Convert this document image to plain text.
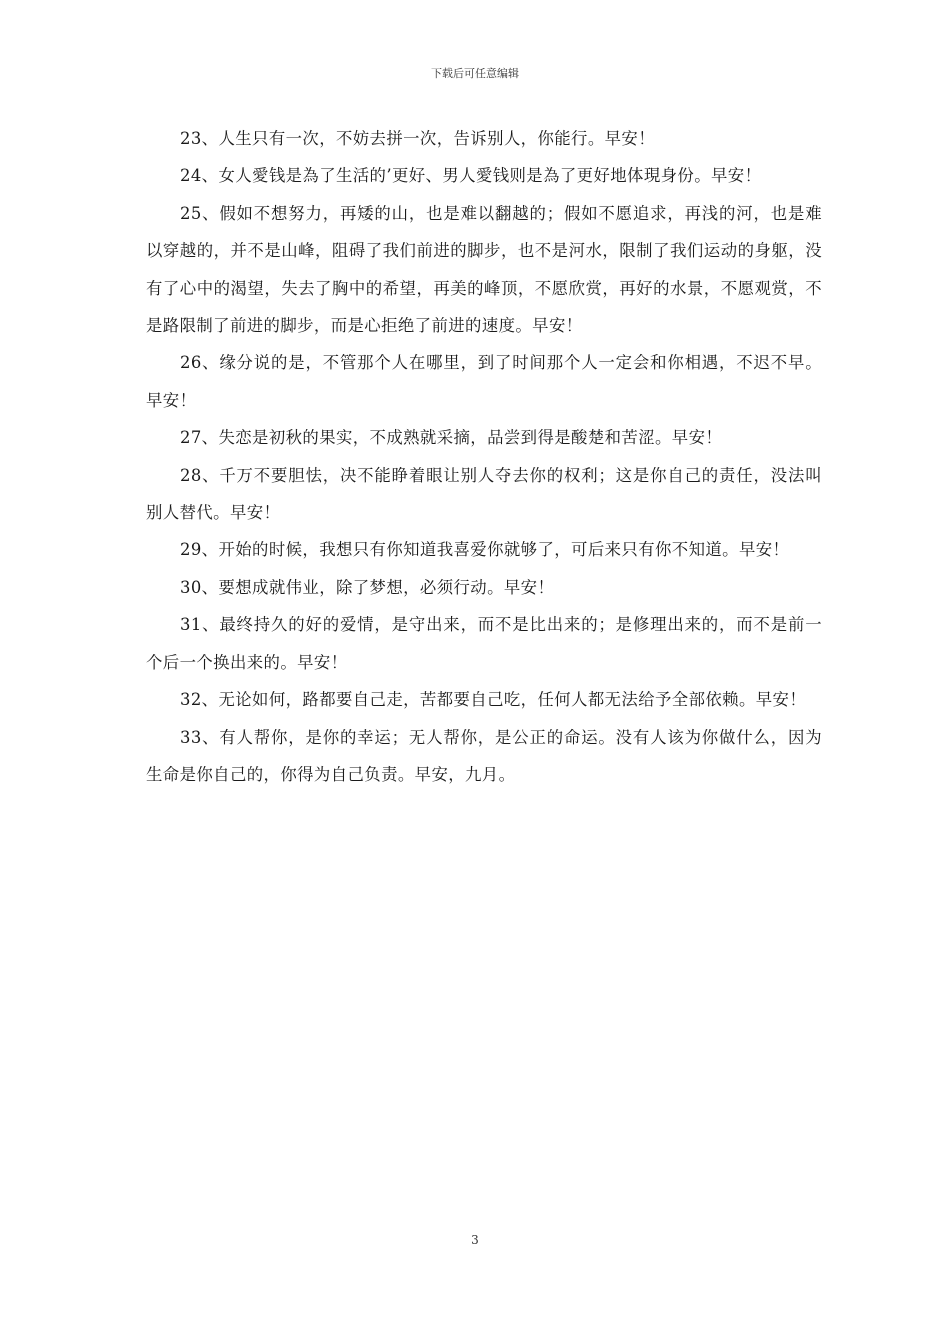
下载后可任意编辑

23、人生只有一次，不妨去拼一次，告诉别人，你能行。早安！

24、女人愛钱是為了生活的’更好、男人愛钱则是為了更好地体現身份。早安！

25、假如不想努力，再矮的山，也是难以翻越的；假如不愿追求，再浅的河，也是难以穿越的，并不是山峰，阻碍了我们前进的脚步，也不是河水，限制了我们运动的身躯，没有了心中的渴望，失去了胸中的希望，再美的峰顶，不愿欣赏，再好的水景，不愿观赏，不是路限制了前进的脚步，而是心拒绝了前进的速度。早安！

26、缘分说的是，不管那个人在哪里，到了时间那个人一定会和你相遇，不迟不早。早安！

27、失恋是初秋的果实，不成熟就采摘，品尝到得是酸楚和苦涩。早安！

28、千万不要胆怯，决不能睁着眼让别人夺去你的权利；这是你自己的责任，没法叫别人替代。早安！

29、开始的时候，我想只有你知道我喜爱你就够了，可后来只有你不知道。早安！

30、要想成就伟业，除了梦想，必须行动。早安！

31、最终持久的好的爱情，是守出来，而不是比出来的；是修理出来的，而不是前一个后一个换出来的。早安！

32、无论如何，路都要自己走，苦都要自己吃，任何人都无法给予全部依赖。早安！

33、有人帮你，是你的幸运；无人帮你，是公正的命运。没有人该为你做什么，因为生命是你自己的，你得为自己负责。早安，九月。

3
